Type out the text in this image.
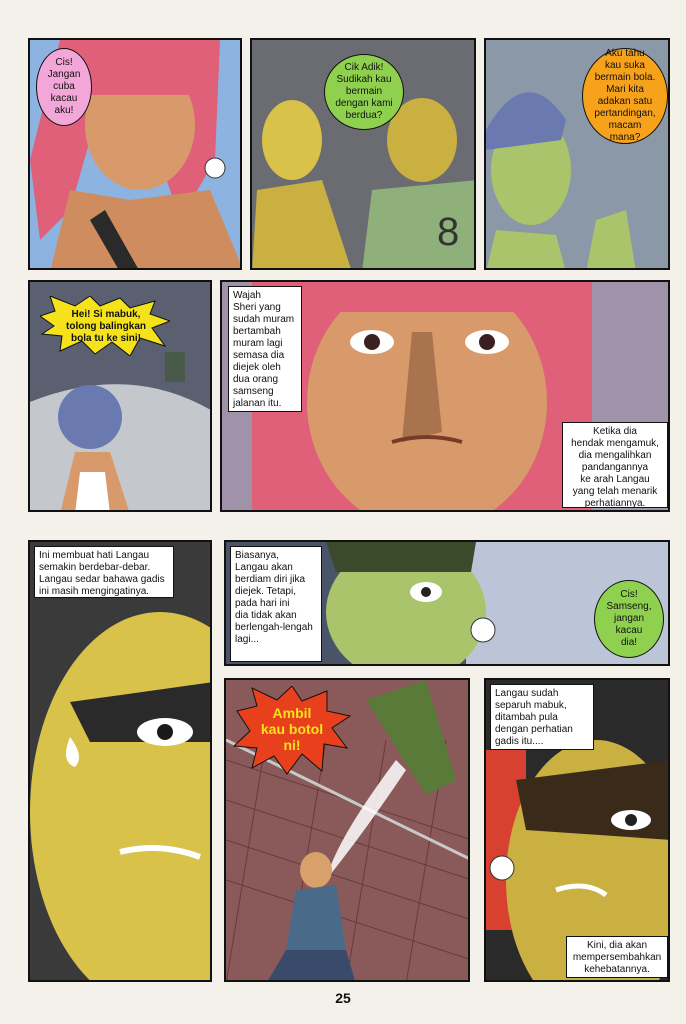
Cis!
Jangan
cuba
kacau
aku!
8
Cik Adik!
Sudikah kau
bermain
dengan kami
berdua?
Aku tahu
kau suka
bermain bola.
Mari kita
adakan satu
pertandingan,
macam
mana?
Hei! Si mabuk,
tolong balingkan
bola tu ke sini!
Wajah
Sheri yang
sudah muram
bertambah
muram lagi
semasa dia
diejek oleh
dua orang
samseng
jalanan itu.
Ketika dia
hendak mengamuk,
dia mengalihkan
pandangannya
ke arah Langau
yang telah menarik
perhatiannya.
Ini membuat hati Langau
semakin berdebar-debar.
Langau sedar bahawa gadis
ini masih mengingatinya.
Biasanya,
Langau akan
berdiam diri jika
diejek. Tetapi,
pada hari ini
dia tidak akan
berlengah-lengah
lagi...
Cis!
Samseng,
jangan
kacau
dia!
Ambil
kau botol
ni!
Langau sudah
separuh mabuk,
ditambah pula
dengan perhatian
gadis itu....
Kini, dia akan
mempersembahkan
kehebatannya.
25
